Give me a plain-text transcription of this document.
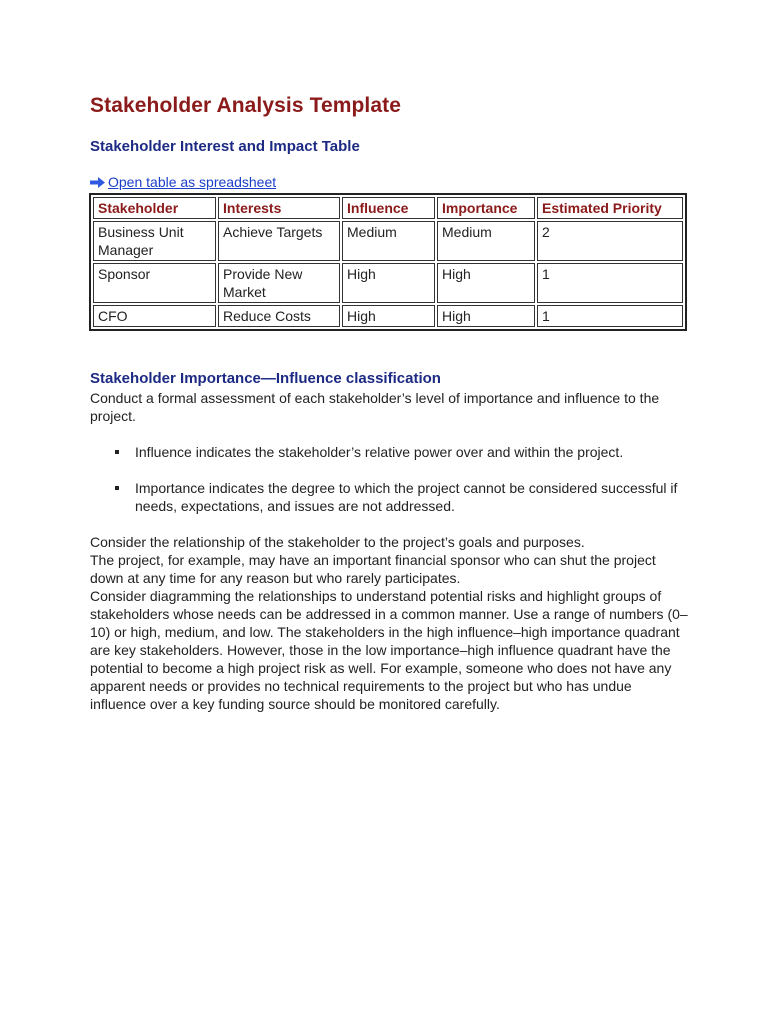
Stakeholder Analysis Template
Stakeholder Interest and Impact Table
Open table as spreadsheet
Stakeholder	Interests	Influence	Importance	Estimated Priority
Business Unit Manager	Achieve Targets	Medium	Medium	2
Sponsor	Provide New Market	High	High	1
CFO	Reduce Costs	High	High	1
Stakeholder Importance—Influence classification

Conduct a formal assessment of each stakeholder’s level of importance and influence to the project.

Influence indicates the stakeholder’s relative power over and within the project.
Importance indicates the degree to which the project cannot be considered successful if needs, expectations, and issues are not addressed.

Consider the relationship of the stakeholder to the project’s goals and purposes.

The project, for example, may have an important financial sponsor who can shut the project down at any time for any reason but who rarely participates.

Consider diagramming the relationships to understand potential risks and highlight groups of stakeholders whose needs can be addressed in a common manner. Use a range of numbers (0–10) or high, medium, and low. The stakeholders in the high influence–high importance quadrant are key stakeholders. However, those in the low importance–high influence quadrant have the potential to become a high project risk as well. For example, someone who does not have any apparent needs or provides no technical requirements to the project but who has undue influence over a key funding source should be monitored carefully.
